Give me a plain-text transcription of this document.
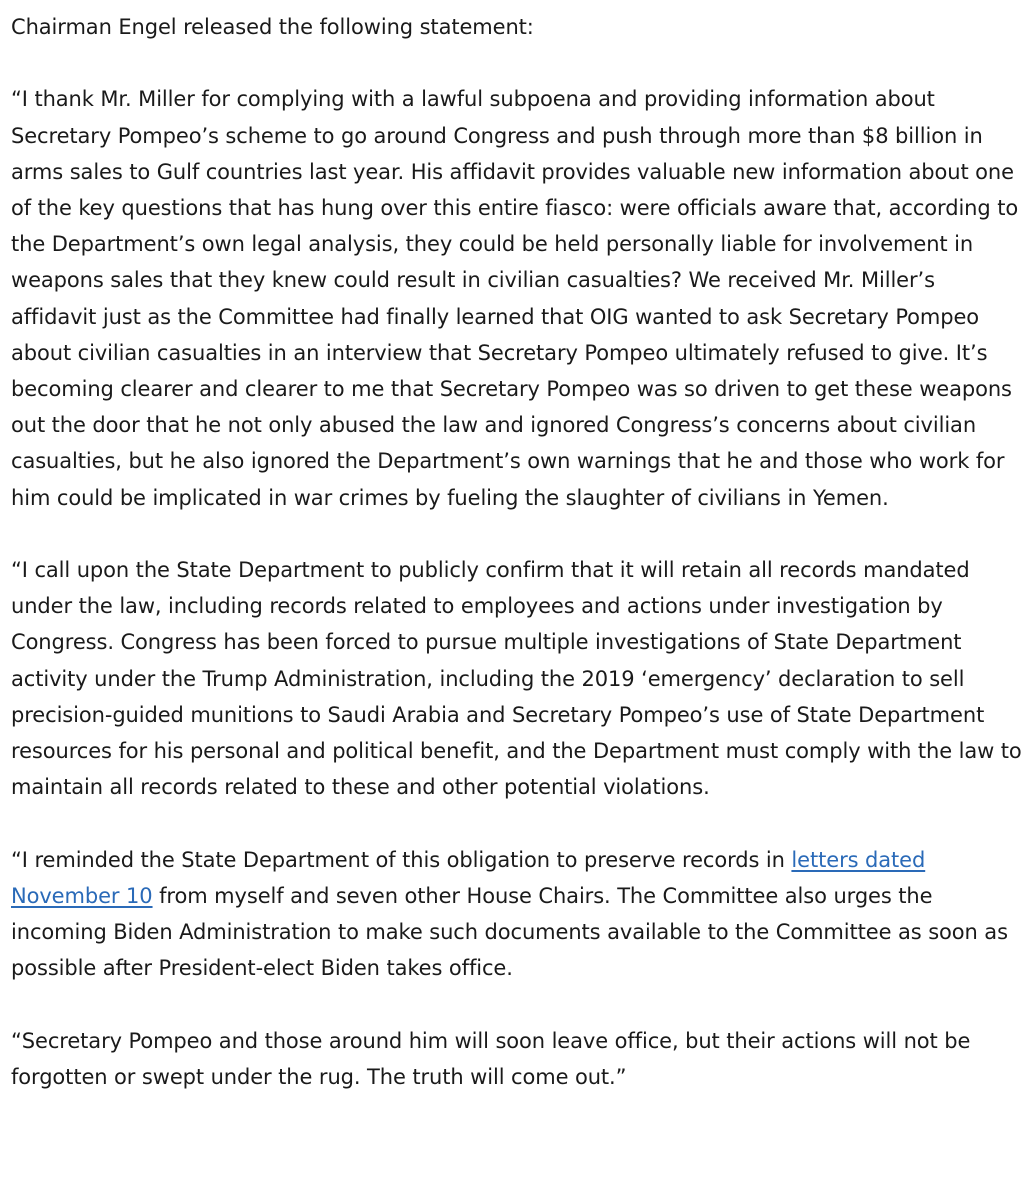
Chairman Engel released the following statement:

“I thank Mr. Miller for complying with a lawful subpoena and providing information about Secretary Pompeo’s scheme to go around Congress and push through more than $8 billion in arms sales to Gulf countries last year. His affidavit provides valuable new information about one of the key questions that has hung over this entire fiasco: were officials aware that, according to the Department’s own legal analysis, they could be held personally liable for involvement in weapons sales that they knew could result in civilian casualties? We received Mr. Miller’s affidavit just as the Committee had finally learned that OIG wanted to ask Secretary Pompeo about civilian casualties in an interview that Secretary Pompeo ultimately refused to give. It’s becoming clearer and clearer to me that Secretary Pompeo was so driven to get these weapons out the door that he not only abused the law and ignored Congress’s concerns about civilian casualties, but he also ignored the Department’s own warnings that he and those who work for him could be implicated in war crimes by fueling the slaughter of civilians in Yemen.

“I call upon the State Department to publicly confirm that it will retain all records mandated under the law, including records related to employees and actions under investigation by Congress. Congress has been forced to pursue multiple investigations of State Department activity under the Trump Administration, including the 2019 ‘emergency’ declaration to sell precision-guided munitions to Saudi Arabia and Secretary Pompeo’s use of State Department resources for his personal and political benefit, and the Department must comply with the law to maintain all records related to these and other potential violations.

“I reminded the State Department of this obligation to preserve records in letters dated November 10 from myself and seven other House Chairs. The Committee also urges the incoming Biden Administration to make such documents available to the Committee as soon as possible after President-elect Biden takes office.

“Secretary Pompeo and those around him will soon leave office, but their actions will not be forgotten or swept under the rug. The truth will come out.”
